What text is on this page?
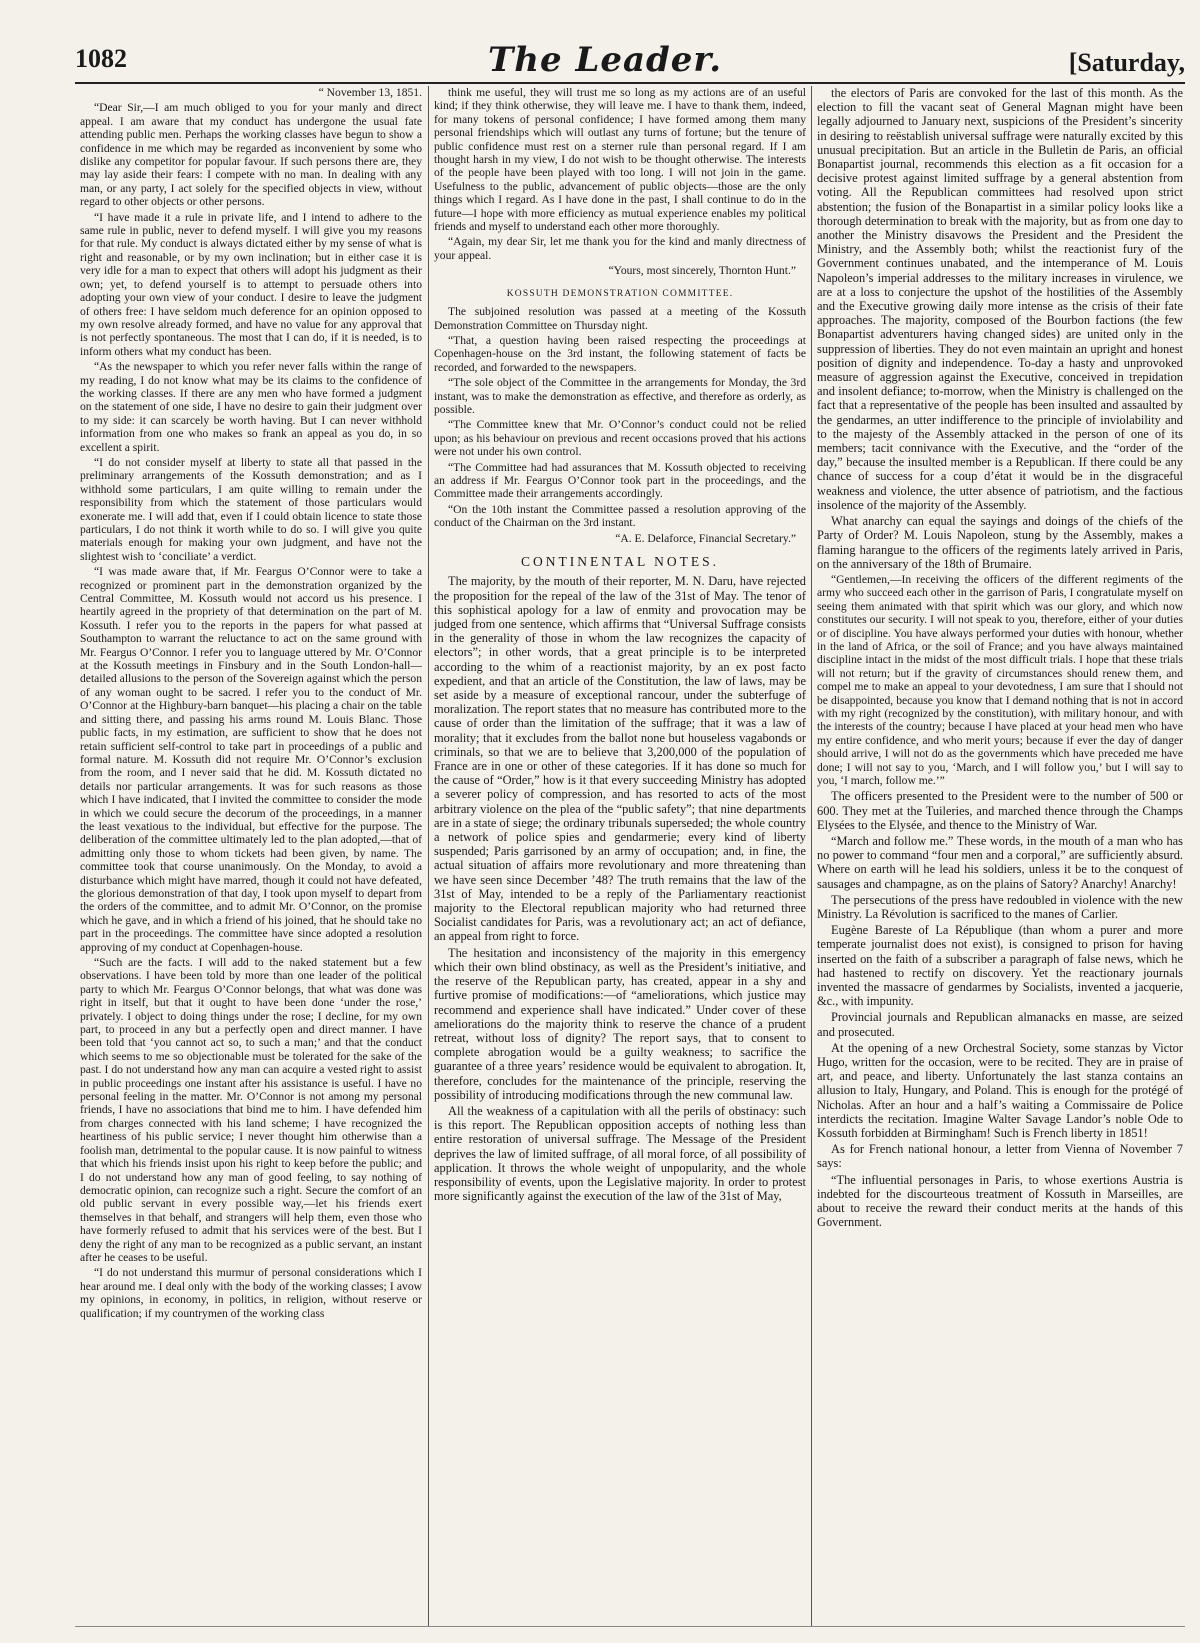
1082	The Leader.	[Saturday,

“ November 13, 1851.

“Dear Sir,—I am much obliged to you for your manly and direct appeal. I am aware that my conduct has undergone the usual fate attending public men. Perhaps the working classes have begun to show a confidence in me which may be regarded as inconvenient by some who dislike any competitor for popular favour. If such persons there are, they may lay aside their fears: I compete with no man. In dealing with any man, or any party, I act solely for the specified objects in view, without regard to other objects or other persons.

“I have made it a rule in private life, and I intend to adhere to the same rule in public, never to defend myself. I will give you my reasons for that rule. My conduct is always dictated either by my sense of what is right and reasonable, or by my own inclination; but in either case it is very idle for a man to expect that others will adopt his judgment as their own; yet, to defend yourself is to attempt to persuade others into adopting your own view of your conduct. I desire to leave the judgment of others free: I have seldom much deference for an opinion opposed to my own resolve already formed, and have no value for any approval that is not perfectly spontaneous. The most that I can do, if it is needed, is to inform others what my conduct has been.

“As the newspaper to which you refer never falls within the range of my reading, I do not know what may be its claims to the confidence of the working classes. If there are any men who have formed a judgment on the statement of one side, I have no desire to gain their judgment over to my side: it can scarcely be worth having. But I can never withhold information from one who makes so frank an appeal as you do, in so excellent a spirit.

“I do not consider myself at liberty to state all that passed in the preliminary arrangements of the Kossuth demonstration; and as I withhold some particulars, I am quite willing to remain under the responsibility from which the statement of those particulars would exonerate me. I will add that, even if I could obtain licence to state those particulars, I do not think it worth while to do so. I will give you quite materials enough for making your own judgment, and have not the slightest wish to ‘conciliate’ a verdict.

“I was made aware that, if Mr. Feargus O’Connor were to take a recognized or prominent part in the demonstration organized by the Central Committee, M. Kossuth would not accord us his presence. I heartily agreed in the propriety of that determination on the part of M. Kossuth. I refer you to the reports in the papers for what passed at Southampton to warrant the reluctance to act on the same ground with Mr. Feargus O’Connor. I refer you to language uttered by Mr. O’Connor at the Kossuth meetings in Finsbury and in the South London-hall—detailed allusions to the person of the Sovereign against which the person of any woman ought to be sacred. I refer you to the conduct of Mr. O’Connor at the Highbury-barn banquet—his placing a chair on the table and sitting there, and passing his arms round M. Louis Blanc. Those public facts, in my estimation, are sufficient to show that he does not retain sufficient self-control to take part in proceedings of a public and formal nature. M. Kossuth did not require Mr. O’Connor’s exclusion from the room, and I never said that he did. M. Kossuth dictated no details nor particular arrangements. It was for such reasons as those which I have indicated, that I invited the committee to consider the mode in which we could secure the decorum of the proceedings, in a manner the least vexatious to the individual, but effective for the purpose. The deliberation of the committee ultimately led to the plan adopted,—that of admitting only those to whom tickets had been given, by name. The committee took that course unanimously. On the Monday, to avoid a disturbance which might have marred, though it could not have defeated, the glorious demonstration of that day, I took upon myself to depart from the orders of the committee, and to admit Mr. O’Connor, on the promise which he gave, and in which a friend of his joined, that he should take no part in the proceedings. The committee have since adopted a resolution approving of my conduct at Copenhagen-house.

“Such are the facts. I will add to the naked statement but a few observations. I have been told by more than one leader of the political party to which Mr. Feargus O’Connor belongs, that what was done was right in itself, but that it ought to have been done ‘under the rose,’ privately. I object to doing things under the rose; I decline, for my own part, to proceed in any but a perfectly open and direct manner. I have been told that ‘you cannot act so, to such a man;’ and that the conduct which seems to me so objectionable must be tolerated for the sake of the past. I do not understand how any man can acquire a vested right to assist in public proceedings one instant after his assistance is useful. I have no personal feeling in the matter. Mr. O’Connor is not among my personal friends, I have no associations that bind me to him. I have defended him from charges connected with his land scheme; I have recognized the heartiness of his public service; I never thought him otherwise than a foolish man, detrimental to the popular cause. It is now painful to witness that which his friends insist upon his right to keep before the public; and I do not understand how any man of good feeling, to say nothing of democratic opinion, can recognize such a right. Secure the comfort of an old public servant in every possible way,—let his friends exert themselves in that behalf, and strangers will help them, even those who have formerly refused to admit that his services were of the best. But I deny the right of any man to be recognized as a public servant, an instant after he ceases to be useful.

“I do not understand this murmur of personal considerations which I hear around me. I deal only with the body of the working classes; I avow my opinions, in economy, in politics, in religion, without reserve or qualification; if my countrymen of the working class

think me useful, they will trust me so long as my actions are of an useful kind; if they think otherwise, they will leave me. I have to thank them, indeed, for many tokens of personal confidence; I have formed among them many personal friendships which will outlast any turns of fortune; but the tenure of public confidence must rest on a sterner rule than personal regard. If I am thought harsh in my view, I do not wish to be thought otherwise. The interests of the people have been played with too long. I will not join in the game. Usefulness to the public, advancement of public objects—those are the only things which I regard. As I have done in the past, I shall continue to do in the future—I hope with more efficiency as mutual experience enables my political friends and myself to understand each other more thoroughly.

“Again, my dear Sir, let me thank you for the kind and manly directness of your appeal.

“Yours, most sincerely, Thornton Hunt.”

KOSSUTH DEMONSTRATION COMMITTEE.

The subjoined resolution was passed at a meeting of the Kossuth Demonstration Committee on Thursday night.

“That, a question having been raised respecting the proceedings at Copenhagen-house on the 3rd instant, the following statement of facts be recorded, and forwarded to the newspapers.

“The sole object of the Committee in the arrangements for Monday, the 3rd instant, was to make the demonstration as effective, and therefore as orderly, as possible.

“The Committee knew that Mr. O’Connor’s conduct could not be relied upon; as his behaviour on previous and recent occasions proved that his actions were not under his own control.

“The Committee had had assurances that M. Kossuth objected to receiving an address if Mr. Feargus O’Connor took part in the proceedings, and the Committee made their arrangements accordingly.

“On the 10th instant the Committee passed a resolution approving of the conduct of the Chairman on the 3rd instant.

“A. E. Delaforce, Financial Secretary.”

CONTINENTAL NOTES.

The majority, by the mouth of their reporter, M. N. Daru, have rejected the proposition for the repeal of the law of the 31st of May. The tenor of this sophistical apology for a law of enmity and provocation may be judged from one sentence, which affirms that “Universal Suffrage consists in the generality of those in whom the law recognizes the capacity of electors”; in other words, that a great principle is to be interpreted according to the whim of a reactionist majority, by an ex post facto expedient, and that an article of the Constitution, the law of laws, may be set aside by a measure of exceptional rancour, under the subterfuge of moralization. The report states that no measure has contributed more to the cause of order than the limitation of the suffrage; that it was a law of morality; that it excludes from the ballot none but houseless vagabonds or criminals, so that we are to believe that 3,200,000 of the population of France are in one or other of these categories. If it has done so much for the cause of “Order,” how is it that every succeeding Ministry has adopted a severer policy of compression, and has resorted to acts of the most arbitrary violence on the plea of the “public safety”; that nine departments are in a state of siege; the ordinary tribunals superseded; the whole country a network of police spies and gendarmerie; every kind of liberty suspended; Paris garrisoned by an army of occupation; and, in fine, the actual situation of affairs more revolutionary and more threatening than we have seen since December ’48? The truth remains that the law of the 31st of May, intended to be a reply of the Parliamentary reactionist majority to the Electoral republican majority who had returned three Socialist candidates for Paris, was a revolutionary act; an act of defiance, an appeal from right to force.

The hesitation and inconsistency of the majority in this emergency which their own blind obstinacy, as well as the President’s initiative, and the reserve of the Republican party, has created, appear in a shy and furtive promise of modifications:—of “ameliorations, which justice may recommend and experience shall have indicated.” Under cover of these ameliorations do the majority think to reserve the chance of a prudent retreat, without loss of dignity? The report says, that to consent to complete abrogation would be a guilty weakness; to sacrifice the guarantee of a three years’ residence would be equivalent to abrogation. It, therefore, concludes for the maintenance of the principle, reserving the possibility of introducing modifications through the new communal law.

All the weakness of a capitulation with all the perils of obstinacy: such is this report. The Republican opposition accepts of nothing less than entire restoration of universal suffrage. The Message of the President deprives the law of limited suffrage, of all moral force, of all possibility of application. It throws the whole weight of unpopularity, and the whole responsibility of events, upon the Legislative majority. In order to protest more significantly against the execution of the law of the 31st of May,

the electors of Paris are convoked for the last of this month. As the election to fill the vacant seat of General Magnan might have been legally adjourned to January next, suspicions of the President’s sincerity in desiring to reëstablish universal suffrage were naturally excited by this unusual precipitation. But an article in the Bulletin de Paris, an official Bonapartist journal, recommends this election as a fit occasion for a decisive protest against limited suffrage by a general abstention from voting. All the Republican committees had resolved upon strict abstention; the fusion of the Bonapartist in a similar policy looks like a thorough determination to break with the majority, but as from one day to another the Ministry disavows the President and the President the Ministry, and the Assembly both; whilst the reactionist fury of the Government continues unabated, and the intemperance of M. Louis Napoleon’s imperial addresses to the military increases in virulence, we are at a loss to conjecture the upshot of the hostilities of the Assembly and the Executive growing daily more intense as the crisis of their fate approaches. The majority, composed of the Bourbon factions (the few Bonapartist adventurers having changed sides) are united only in the suppression of liberties. They do not even maintain an upright and honest position of dignity and independence. To-day a hasty and unprovoked measure of aggression against the Executive, conceived in trepidation and insolent defiance; to-morrow, when the Ministry is challenged on the fact that a representative of the people has been insulted and assaulted by the gendarmes, an utter indifference to the principle of inviolability and to the majesty of the Assembly attacked in the person of one of its members; tacit connivance with the Executive, and the “order of the day,” because the insulted member is a Republican. If there could be any chance of success for a coup d’état it would be in the disgraceful weakness and violence, the utter absence of patriotism, and the factious insolence of the majority of the Assembly.

What anarchy can equal the sayings and doings of the chiefs of the Party of Order? M. Louis Napoleon, stung by the Assembly, makes a flaming harangue to the officers of the regiments lately arrived in Paris, on the anniversary of the 18th of Brumaire.

“Gentlemen,—In receiving the officers of the different regiments of the army who succeed each other in the garrison of Paris, I congratulate myself on seeing them animated with that spirit which was our glory, and which now constitutes our security. I will not speak to you, therefore, either of your duties or of discipline. You have always performed your duties with honour, whether in the land of Africa, or the soil of France; and you have always maintained discipline intact in the midst of the most difficult trials. I hope that these trials will not return; but if the gravity of circumstances should renew them, and compel me to make an appeal to your devotedness, I am sure that I should not be disappointed, because you know that I demand nothing that is not in accord with my right (recognized by the constitution), with military honour, and with the interests of the country; because I have placed at your head men who have my entire confidence, and who merit yours; because if ever the day of danger should arrive, I will not do as the governments which have preceded me have done; I will not say to you, ‘March, and I will follow you,’ but I will say to you, ‘I march, follow me.’”

The officers presented to the President were to the number of 500 or 600. They met at the Tuileries, and marched thence through the Champs Elysées to the Elysée, and thence to the Ministry of War.

“March and follow me.” These words, in the mouth of a man who has no power to command “four men and a corporal,” are sufficiently absurd. Where on earth will he lead his soldiers, unless it be to the conquest of sausages and champagne, as on the plains of Satory? Anarchy! Anarchy!

The persecutions of the press have redoubled in violence with the new Ministry. La Révolution is sacrificed to the manes of Carlier.

Eugène Bareste of La République (than whom a purer and more temperate journalist does not exist), is consigned to prison for having inserted on the faith of a subscriber a paragraph of false news, which he had hastened to rectify on discovery. Yet the reactionary journals invented the massacre of gendarmes by Socialists, invented a jacquerie, &c., with impunity.

Provincial journals and Republican almanacks en masse, are seized and prosecuted.

At the opening of a new Orchestral Society, some stanzas by Victor Hugo, written for the occasion, were to be recited. They are in praise of art, and peace, and liberty. Unfortunately the last stanza contains an allusion to Italy, Hungary, and Poland. This is enough for the protégé of Nicholas. After an hour and a half’s waiting a Commissaire de Police interdicts the recitation. Imagine Walter Savage Landor’s noble Ode to Kossuth forbidden at Birmingham! Such is French liberty in 1851!

As for French national honour, a letter from Vienna of November 7 says:

“The influential personages in Paris, to whose exertions Austria is indebted for the discourteous treatment of Kossuth in Marseilles, are about to receive the reward their conduct merits at the hands of this Government.
